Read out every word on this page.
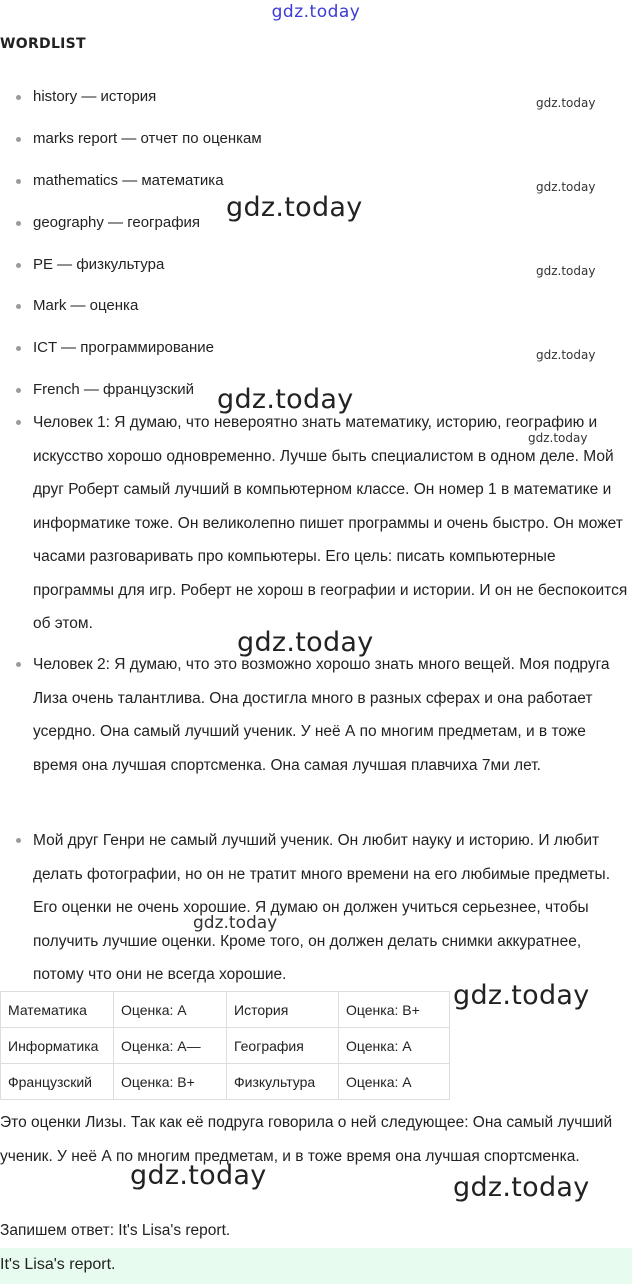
gdz.today
WORDLIST
history — история
marks report — отчет по оценкам
mathematics — математика
geography — география
PE — физкультура
Mark — оценка
ICT — программирование
French — французский
Человек 1: Я думаю, что невероятно знать математику, историю, географию и искусство хорошо одновременно. Лучше быть специалистом в одном деле. Мой друг Роберт самый лучший в компьютерном классе. Он номер 1 в математике и информатике тоже. Он великолепно пишет программы и очень быстро. Он может часами разговаривать про компьютеры. Его цель: писать компьютерные программы для игр. Роберт не хорош в географии и истории. И он не беспокоится об этом.
Человек 2: Я думаю, что это возможно хорошо знать много вещей. Моя подруга Лиза очень талантлива. Она достигла много в разных сферах и она работает усердно. Она самый лучший ученик. У неё А по многим предметам, и в тоже время она лучшая спортсменка. Она самая лучшая плавчиха 7ми лет.
Мой друг Генри не самый лучший ученик. Он любит науку и историю. И любит делать фотографии, но он не тратит много времени на его любимые предметы. Его оценки не очень хорошие. Я думаю он должен учиться серьезнее, чтобы получить лучшие оценки. Кроме того, он должен делать снимки аккуратнее, потому что они не всегда хорошие.
Математика	Оценка: A	История	Оценка: B+
Информатика	Оценка: A—	География	Оценка: A
Французский	Оценка: B+	Физкультура	Оценка: A
Это оценки Лизы. Так как её подруга говорила о ней следующее: Она самый лучший ученик. У неё А по многим предметам, и в тоже время она лучшая спортсменка.
Запишем ответ: It's Lisa's report.
It's Lisa's report.
gdz.today
gdz.today
gdz.today
gdz.today
gdz.today
gdz.today
gdz.today
gdz.today
gdz.today
gdz.today
gdz.today	gdz.today
